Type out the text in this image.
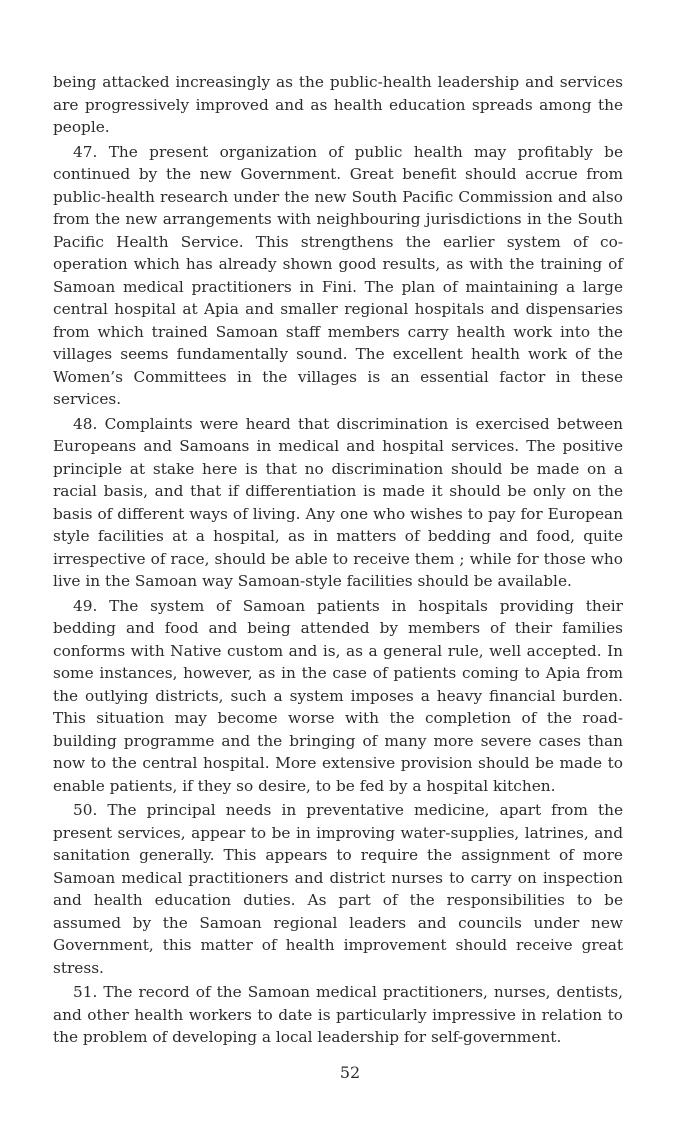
being attacked increasingly as the public-health leadership and services are progressively improved and as health education spreads among the people.

47. The present organization of public health may profitably be continued by the new Government. Great benefit should accrue from public-health research under the new South Pacific Commission and also from the new arrangements with neighbouring jurisdictions in the South Pacific Health Service. This strengthens the earlier system of co-operation which has already shown good results, as with the training of Samoan medical practitioners in Fini. The plan of maintaining a large central hospital at Apia and smaller regional hospitals and dispensaries from which trained Samoan staff members carry health work into the villages seems fundamentally sound. The excellent health work of the Women’s Committees in the villages is an essential factor in these services.

48. Complaints were heard that discrimination is exercised between Europeans and Samoans in medical and hospital services. The positive principle at stake here is that no discrimination should be made on a racial basis, and that if differentiation is made it should be only on the basis of different ways of living. Any one who wishes to pay for European style facilities at a hospital, as in matters of bedding and food, quite irrespective of race, should be able to receive them ; while for those who live in the Samoan way Samoan-style facilities should be available.

49. The system of Samoan patients in hospitals providing their bedding and food and being attended by members of their families conforms with Native custom and is, as a general rule, well accepted. In some instances, however, as in the case of patients coming to Apia from the outlying districts, such a system imposes a heavy financial burden. This situation may become worse with the completion of the road-building programme and the bringing of many more severe cases than now to the central hospital. More extensive provision should be made to enable patients, if they so desire, to be fed by a hospital kitchen.

50. The principal needs in preventative medicine, apart from the present services, appear to be in improving water-supplies, latrines, and sanitation generally. This appears to require the assignment of more Samoan medical practitioners and district nurses to carry on inspection and health education duties. As part of the responsibilities to be assumed by the Samoan regional leaders and councils under new Government, this matter of health improvement should receive great stress.

51. The record of the Samoan medical practitioners, nurses, dentists, and other health workers to date is particularly impressive in relation to the problem of developing a local leadership for self-government.

52
